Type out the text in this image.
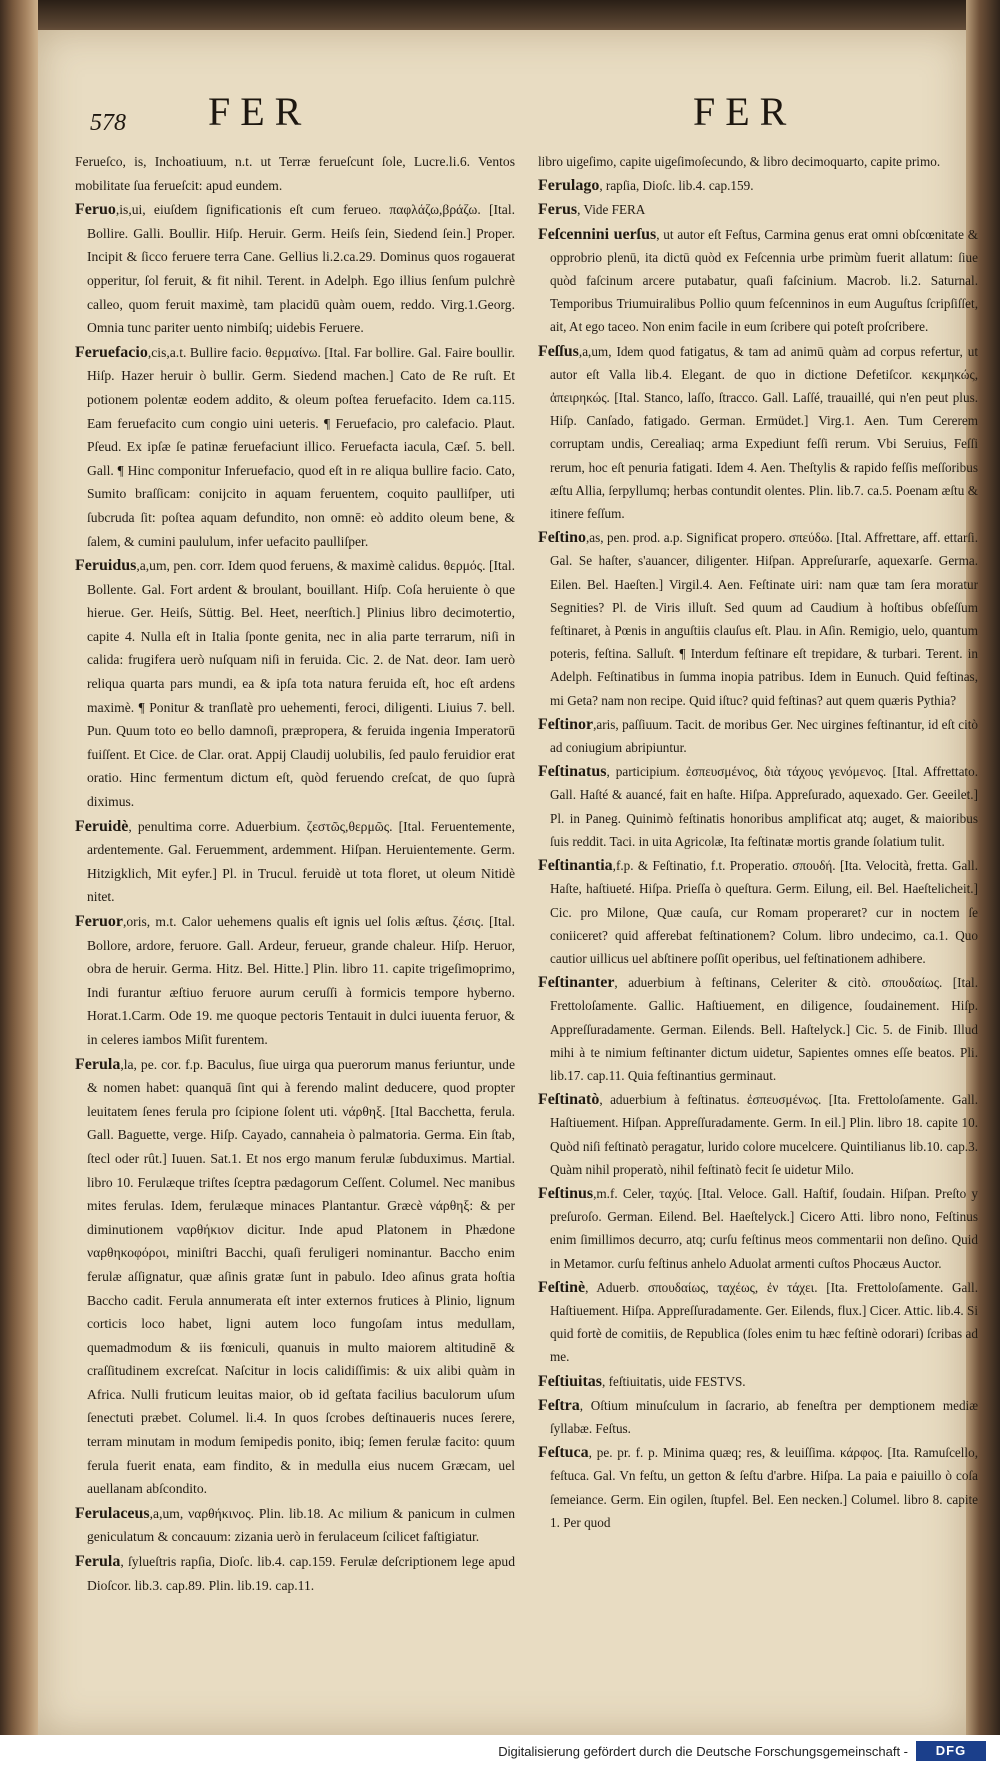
578 FER	FER

Ferueſco, is, Inchoatiuum, n.t. ut Terræ ferueſcunt ſole, Lucre.li.6. Ventos mobilitate ſua ferueſcit: apud eundem.

Feruo,is,ui, eiuſdem ſignificationis eſt cum ferueo. παφλάζω,βράζω. [Ital. Bollire. Galli. Boullir. Hiſp. Heruir. Germ. Heiſs ſein, Siedend ſein.] Proper. Incipit & ſicco feruere terra Cane. Gellius li.2.ca.29. Dominus quos rogauerat opperitur, ſol feruit, & fit nihil. Terent. in Adelph. Ego illius ſenſum pulchrè calleo, quom feruit maximè, tam placidū quàm ouem, reddo. Virg.1.Georg. Omnia tunc pariter uento nimbiſq; uidebis Feruere.

Feruefacio,cis,a.t. Bullire facio. θερμαίνω. [Ital. Far bollire. Gal. Faire boullir. Hiſp. Hazer heruir ò bullir. Germ. Siedend machen.] Cato de Re ruſt. Et potionem polentæ eodem addito, & oleum poſtea feruefacito. Idem ca.115. Eam feruefacito cum congio uini ueteris. ¶ Feruefacio, pro calefacio. Plaut. Pſeud. Ex ipſæ ſe patinæ feruefaciunt illico. Feruefacta iacula, Cæſ. 5. bell. Gall. ¶ Hinc componitur Inferuefacio, quod eſt in re aliqua bullire facio. Cato, Sumito braſſicam: conijcito in aquam feruentem, coquito paulliſper, uti ſubcruda ſit: poſtea aquam defundito, non omnē: eò addito oleum bene, & ſalem, & cumini paululum, infer uefacito paulliſper.

Feruidus,a,um, pen. corr. Idem quod feruens, & maximè calidus. θερμός. [Ital. Bollente. Gal. Fort ardent & broulant, bouillant. Hiſp. Coſa heruiente ò que hierue. Ger. Heiſs, Süttig. Bel. Heet, neerſtich.] Plinius libro decimotertio, capite 4. Nulla eſt in Italia ſponte genita, nec in alia parte terrarum, niſi in calida: frugifera uerò nuſquam niſi in feruida. Cic. 2. de Nat. deor. Iam uerò reliqua quarta pars mundi, ea & ipſa tota natura feruida eſt, hoc eſt ardens maximè. ¶ Ponitur & tranſlatè pro uehementi, feroci, diligenti. Liuius 7. bell. Pun. Quum toto eo bello damnoſi, præpropera, & feruida ingenia Imperatorū fuiſſent. Et Cice. de Clar. orat. Appij Claudij uolubilis, ſed paulo feruidior erat oratio. Hinc fermentum dictum eſt, quòd feruendo creſcat, de quo ſuprà diximus.

Feruidè, penultima corre. Aduerbium. ζεστῶς,θερμῶς. [Ital. Feruentemente, ardentemente. Gal. Feruemment, ardemment. Hiſpan. Heruientemente. Germ. Hitzigklich, Mit eyfer.] Pl. in Trucul. feruidè ut tota floret, ut oleum Nitidè nitet.

Feruor,oris, m.t. Calor uehemens qualis eſt ignis uel ſolis æſtus. ζέσις. [Ital. Bollore, ardore, feruore. Gall. Ardeur, ferueur, grande chaleur. Hiſp. Heruor, obra de heruir. Germa. Hitz. Bel. Hitte.] Plin. libro 11. capite trigeſimoprimo, Indi furantur æſtiuo feruore aurum ceruſſi à formicis tempore hyberno. Horat.1.Carm. Ode 19. me quoque pectoris Tentauit in dulci iuuenta feruor, & in celeres iambos Miſit furentem.

Ferula,la, pe. cor. f.p. Baculus, ſiue uirga qua puerorum manus feriuntur, unde & nomen habet: quanquā ſint qui à ferendo malint deducere, quod propter leuitatem ſenes ferula pro ſcipione ſolent uti. νάρθηξ. [Ital Bacchetta, ferula. Gall. Baguette, verge. Hiſp. Cayado, cannaheia ò palmatoria. Germa. Ein ſtab, ſtecl oder rût.] Iuuen. Sat.1. Et nos ergo manum ferulæ ſubduximus. Martial. libro 10. Ferulæque triſtes ſceptra pædagorum Ceſſent. Columel. Nec manibus mites ferulas. Idem, ferulæque minaces Plantantur. Græcè νάρθηξ: & per diminutionem ναρθήκιον dicitur. Inde apud Platonem in Phædone ναρθηκοφόροι, miniſtri Bacchi, quaſi feruligeri nominantur. Baccho enim ferulæ aſſignatur, quæ aſinis gratæ ſunt in pabulo. Ideo aſinus grata hoſtia Baccho cadit. Ferula annumerata eſt inter externos frutices à Plinio, lignum corticis loco habet, ligni autem loco fungoſam intus medullam, quemadmodum & iis fœniculi, quanuis in multo maiorem altitudinē & craſſitudinem excreſcat. Naſcitur in locis calidiſſimis: & uix alibi quàm in Africa. Nulli fruticum leuitas maior, ob id geſtata facilius baculorum uſum ſenectuti præbet. Columel. li.4. In quos ſcrobes deſtinaueris nuces ſerere, terram minutam in modum ſemipedis ponito, ibiq; ſemen ferulæ facito: quum ferula fuerit enata, eam findito, & in medulla eius nucem Græcam, uel auellanam abſcondito.

Ferulaceus,a,um, ναρθήκινος. Plin. lib.18. Ac milium & panicum in culmen geniculatum & concauum: zizania uerò in ferulaceum ſcilicet faſtigiatur.

Ferula, ſylueſtris rapſia, Dioſc. lib.4. cap.159. Ferulæ deſcriptionem lege apud Dioſcor. lib.3. cap.89. Plin. lib.19. cap.11.

libro uigeſimo, capite uigeſimoſecundo, & libro decimoquarto, capite primo.

Ferulago, rapſia, Dioſc. lib.4. cap.159.

Ferus, Vide FERA

Feſcennini uerſus, ut autor eſt Feſtus, Carmina genus erat omni obſcœnitate & opprobrio plenū, ita dictū quòd ex Feſcennia urbe primùm fuerit allatum: ſiue quòd faſcinum arcere putabatur, quaſi faſcinium. Macrob. li.2. Saturnal. Temporibus Triumuiralibus Pollio quum feſcenninos in eum Auguſtus ſcripſiſſet, ait, At ego taceo. Non enim facile in eum ſcribere qui poteſt proſcribere.

Feſſus,a,um, Idem quod fatigatus, & tam ad animū quàm ad corpus refertur, ut autor eſt Valla lib.4. Elegant. de quo in dictione Defetiſcor. κεκμηκώς, ἀπειρηκώς. [Ital. Stanco, laſſo, ſtracco. Gall. Laſſé, trauaillé, qui n'en peut plus. Hiſp. Canſado, fatigado. German. Ermüdet.] Virg.1. Aen. Tum Cererem corruptam undis, Cerealiaq; arma Expediunt feſſi rerum. Vbi Seruius, Feſſi rerum, hoc eſt penuria fatigati. Idem 4. Aen. Theſtylis & rapido feſſis meſſoribus æſtu Allia, ſerpyllumq; herbas contundit olentes. Plin. lib.7. ca.5. Poenam æſtu & itinere feſſum.

Feſtino,as, pen. prod. a.p. Significat propero. σπεύδω. [Ital. Affrettare, aff. ettarſi. Gal. Se haſter, s'auancer, diligenter. Hiſpan. Appreſurarſe, aquexarſe. Germa. Eilen. Bel. Haeſten.] Virgil.4. Aen. Feſtinate uiri: nam quæ tam ſera moratur Segnities? Pl. de Viris illuſt. Sed quum ad Caudium à hoſtibus obſeſſum feſtinaret, à Pœnis in anguſtiis clauſus eſt. Plau. in Aſin. Remigio, uelo, quantum poteris, feſtina. Salluſt. ¶ Interdum feſtinare eſt trepidare, & turbari. Terent. in Adelph. Feſtinatibus in ſumma inopia patribus. Idem in Eunuch. Quid feſtinas, mi Geta? nam non recipe. Quid iſtuc? quid feſtinas? aut quem quæris Pythia?

Feſtinor,aris, paſſiuum. Tacit. de moribus Ger. Nec uirgines feſtinantur, id eſt citò ad coniugium abripiuntur.

Feſtinatus, participium. ἐσπευσμένος, διὰ τάχους γενόμενος. [Ital. Affrettato. Gall. Haſté & auancé, fait en haſte. Hiſpa. Appreſurado, aquexado. Ger. Geeilet.] Pl. in Paneg. Quinimò feſtinatis honoribus amplificat atq; auget, & maioribus ſuis reddit. Taci. in uita Agricolæ, Ita feſtinatæ mortis grande ſolatium tulit.

Feſtinantia,f.p. & Feſtinatio, f.t. Properatio. σπουδή. [Ita. Velocità, fretta. Gall. Haſte, haſtiueté. Hiſpa. Prieſſa ò queſtura. Germ. Eilung, eil. Bel. Haeſtelicheit.] Cic. pro Milone, Quæ cauſa, cur Romam properaret? cur in noctem ſe coniiceret? quid afferebat feſtinationem? Colum. libro undecimo, ca.1. Quo cautior uillicus uel abſtinere poſſit operibus, uel feſtinationem adhibere.

Feſtinanter, aduerbium à feſtinans, Celeriter & citò. σπουδαίως. [Ital. Frettoloſamente. Gallic. Haſtiuement, en diligence, ſoudainement. Hiſp. Appreſſuradamente. German. Eilends. Bell. Haſtelyck.] Cic. 5. de Finib. Illud mihi à te nimium feſtinanter dictum uidetur, Sapientes omnes eſſe beatos. Pli. lib.17. cap.11. Quia feſtinantius germinaut.

Feſtinatò, aduerbium à feſtinatus. ἐσπευσμένως. [Ita. Frettoloſamente. Gall. Haſtiuement. Hiſpan. Appreſſuradamente. Germ. In eil.] Plin. libro 18. capite 10. Quòd niſi feſtinatò peragatur, lurido colore mucelcere. Quintilianus lib.10. cap.3. Quàm nihil properatò, nihil feſtinatò fecit ſe uidetur Milo.

Feſtinus,m.f. Celer, ταχύς. [Ital. Veloce. Gall. Haſtif, ſoudain. Hiſpan. Preſto y preſuroſo. German. Eilend. Bel. Haeſtelyck.] Cicero Atti. libro nono, Feſtinus enim ſimillimos decurro, atq; curſu feſtinus meos commentarii non deſino. Quid in Metamor. curſu feſtinus anhelo Aduolat armenti cuſtos Phocæus Auctor.

Feſtinè, Aduerb. σπουδαίως, ταχέως, ἐν τάχει. [Ita. Frettoloſamente. Gall. Haſtiuement. Hiſpa. Appreſſuradamente. Ger. Eilends, flux.] Cicer. Attic. lib.4. Si quid fortè de comitiis, de Republica (ſoles enim tu hæc feſtinè odorari) ſcribas ad me.

Feſtiuitas, feſtiuitatis, uide FESTVS.

Feſtra, Oſtium minuſculum in ſacrario, ab feneſtra per demptionem mediæ ſyllabæ. Feſtus.

Feſtuca, pe. pr. f. p. Minima quæq; res, & leuiſſima. κάρφος. [Ita. Ramuſcello, feſtuca. Gal. Vn feſtu, un getton & ſeſtu d'arbre. Hiſpa. La paia e paiuillo ò coſa ſemeiance. Germ. Ein ogilen, ſtupfel. Bel. Een necken.] Columel. libro 8. capite 1. Per quod

Digitalisierung gefördert durch die Deutsche Forschungsgemeinschaft -	DFG
